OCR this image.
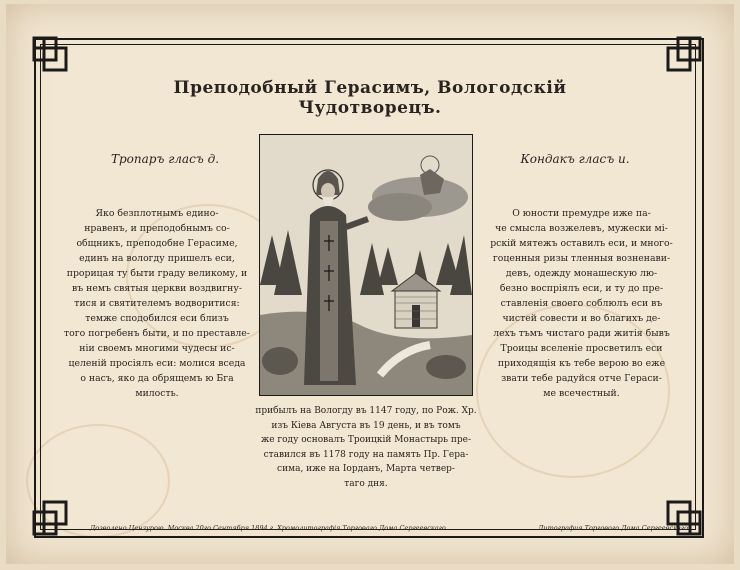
Преподобный Герасимъ, Вологодскій Чудотворецъ.
Тропаръ гласъ д.	Кондакъ гласъ и.
Яко безплотнымъ едино-
нравенъ, и преподобнымъ со-
общникъ, преподобне Герасиме,
единъ на вологду пришелъ еси,
прорицая тy быти граду великому, и
въ немъ святыя церкви воздвигну-
тися и святителемъ водворитися:
темже сподобился еси близъ
того погребенъ быти, и по преставле-
ніи своемъ многими чудесы ис-
целеній просіялъ еси: молися вседа
о насъ, яко да обрящемъ ю Бга
милость.
О юности премудре иже па-
че смысла возжелевъ, мужески мі-
рскій мятежъ оставилъ еси, и много-
гоценныя ризы тленныя возненави-
девъ, одежду монашескую лю-
безно воспріялъ еси, и ту до пре-
ставленія своего соблюлъ еси въ
чистей совести и во благихъ де-
лехъ тъмъ чистаго ради житія бывъ
Троицы вселеніе просветилъ еси
приходящія къ тебе веpою во еже
звати тебе радуйся отче Гераси-
ме всечестный.
прибылъ на Вологду въ 1147 году, по Рож. Хр.
изъ Кіева Августа въ 19 день, и въ томъ
же году основалъ Троицкій Монастырь пре-
ставился въ 1178 году на память Пр. Гера-
сима, иже на Іорданъ, Марта четвер-
таго дня.
Дозволено Цензурою. Москва 20го Сентября 1894 г. Хромолитографія Торговаго Дома Сергеевскаго	Литография Торгового Дома Сергеевскаго
